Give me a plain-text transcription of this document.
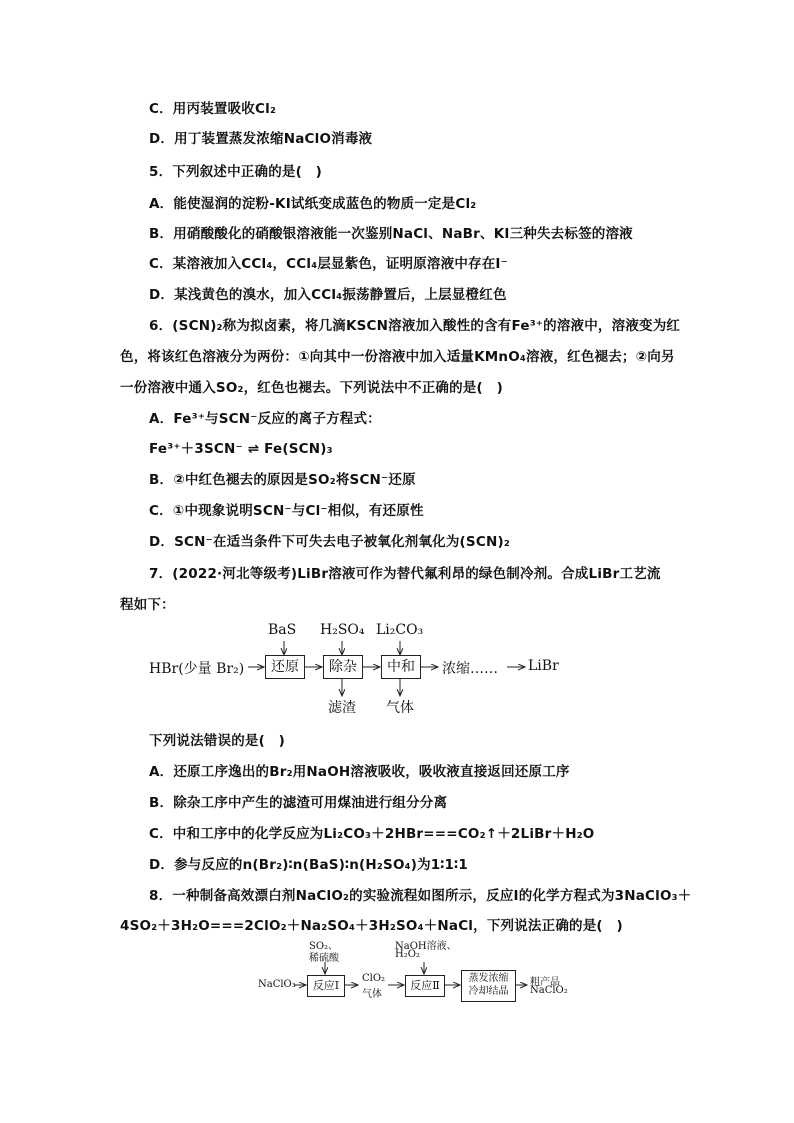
C．用丙装置吸收Cl₂
D．用丁装置蒸发浓缩NaClO消毒液
5．下列叙述中正确的是(　)
A．能使湿润的淀粉-KI试纸变成蓝色的物质一定是Cl₂
B．用硝酸酸化的硝酸银溶液能一次鉴别NaCl、NaBr、KI三种失去标签的溶液
C．某溶液加入CCl₄，CCl₄层显紫色，证明原溶液中存在I⁻
D．某浅黄色的溴水，加入CCl₄振荡静置后，上层显橙红色
6．(SCN)₂称为拟卤素，将几滴KSCN溶液加入酸性的含有Fe³⁺的溶液中，溶液变为红
色，将该红色溶液分为两份：①向其中一份溶液中加入适量KMnO₄溶液，红色褪去；②向另
一份溶液中通入SO₂，红色也褪去。下列说法中不正确的是(　)
A．Fe³⁺与SCN⁻反应的离子方程式：
Fe³⁺＋3SCN⁻ ⇌ Fe(SCN)₃
B．②中红色褪去的原因是SO₂将SCN⁻还原
C．①中现象说明SCN⁻与Cl⁻相似，有还原性
D．SCN⁻在适当条件下可失去电子被氧化剂氧化为(SCN)₂
7．(2022·河北等级考)LiBr溶液可作为替代氟利昂的绿色制冷剂。合成LiBr工艺流
程如下：
BaS H₂SO₄ Li₂CO₃
HBr(少量 Br₂)	还原	除杂	中和	浓缩…… LiBr
滤渣 气体
下列说法错误的是(　)
A．还原工序逸出的Br₂用NaOH溶液吸收，吸收液直接返回还原工序
B．除杂工序中产生的滤渣可用煤油进行组分分离
C．中和工序中的化学反应为Li₂CO₃＋2HBr===CO₂↑＋2LiBr＋H₂O
D．参与反应的n(Br₂)∶n(BaS)∶n(H₂SO₄)为1∶1∶1
8．一种制备高效漂白剂NaClO₂的实验流程如图所示，反应Ⅰ的化学方程式为3NaClO₃＋
4SO₂＋3H₂O===2ClO₂＋Na₂SO₄＋3H₂SO₄＋NaCl，下列说法正确的是(　)
SO₂、
稀硫酸
NaOH溶液、
H₂O₂
NaClO₃	反应Ⅰ
ClO₂
气体
反应Ⅱ
蒸发浓缩
冷却结晶
粗产品
NaClO₂
